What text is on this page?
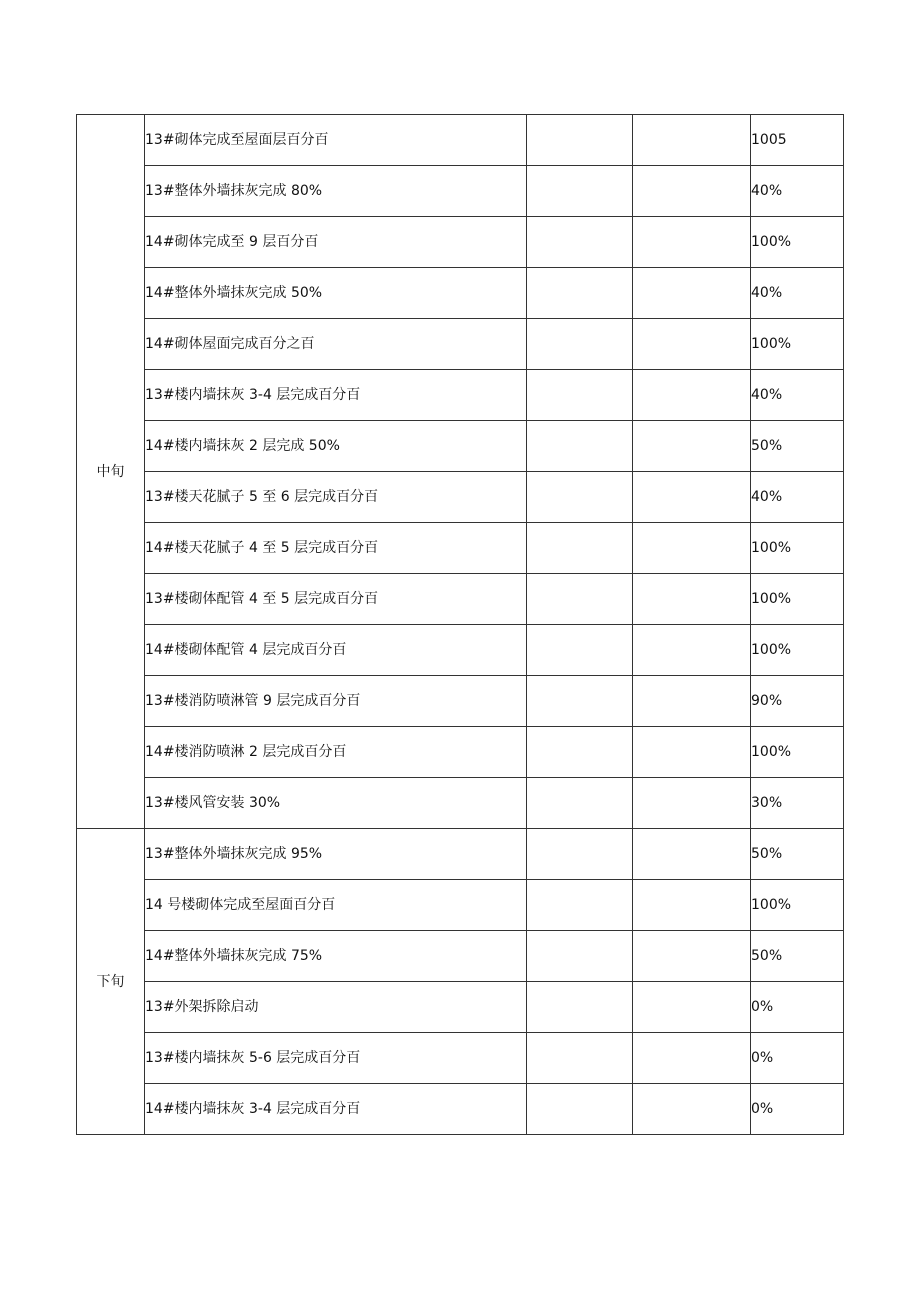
中旬	13#砌体完成至屋面层百分百			1005
	13#整体外墙抹灰完成 80%			40%
	14#砌体完成至 9 层百分百			100%
	14#整体外墙抹灰完成 50%			40%
	14#砌体屋面完成百分之百			100%
	13#楼内墙抹灰 3-4 层完成百分百			40%
	14#楼内墙抹灰 2 层完成 50%			50%
	13#楼天花腻子 5 至 6 层完成百分百			40%
	14#楼天花腻子 4 至 5 层完成百分百			100%
	13#楼砌体配管 4 至 5 层完成百分百			100%
	14#楼砌体配管 4 层完成百分百			100%
	13#楼消防喷淋管 9 层完成百分百			90%
	14#楼消防喷淋 2 层完成百分百			100%
	13#楼风管安装 30%			30%
下旬	13#整体外墙抹灰完成 95%			50%
	14 号楼砌体完成至屋面百分百			100%
	14#整体外墙抹灰完成 75%			50%
	13#外架拆除启动			0%
	13#楼内墙抹灰 5-6 层完成百分百			0%
	14#楼内墙抹灰 3-4 层完成百分百			0%
